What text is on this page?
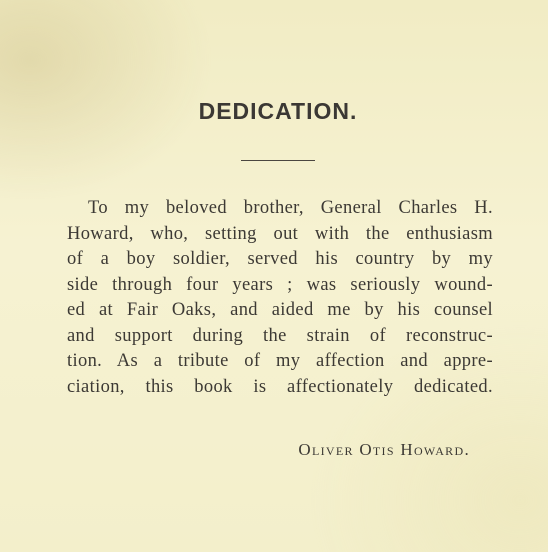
DEDICATION.
To my beloved brother, General Charles H.
Howard, who, setting out with the enthusiasm
of a boy soldier, served his country by my
side through four years ; was seriously wound-
ed at Fair Oaks, and aided me by his counsel
and support during the strain of reconstruc-
tion. As a tribute of my affection and appre-
ciation, this book is affectionately dedicated.
Oliver Otis Howard.
